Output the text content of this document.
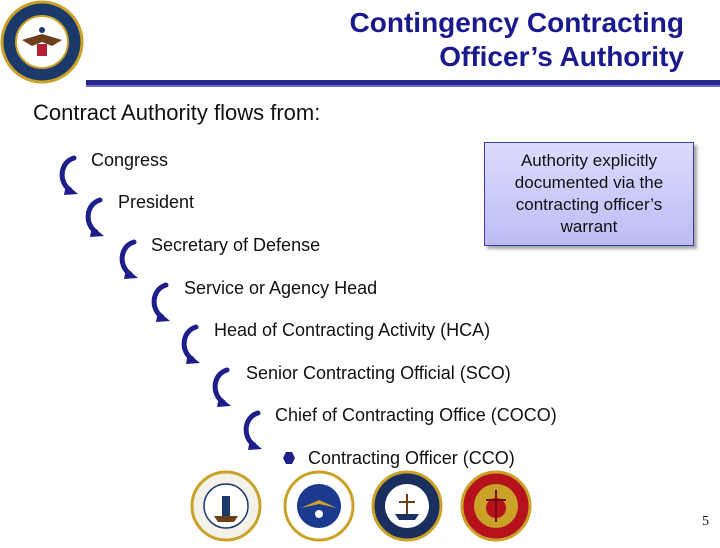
Contingency Contracting
Officer’s Authority
Contract Authority flows from:
Congress
President
Secretary of Defense
Service or Agency Head
Head of Contracting Activity (HCA)
Senior Contracting Official (SCO)
Chief of Contracting Office (COCO)
Contracting Officer (CCO)
Authority explicitly documented via the contracting officer’s warrant
5
